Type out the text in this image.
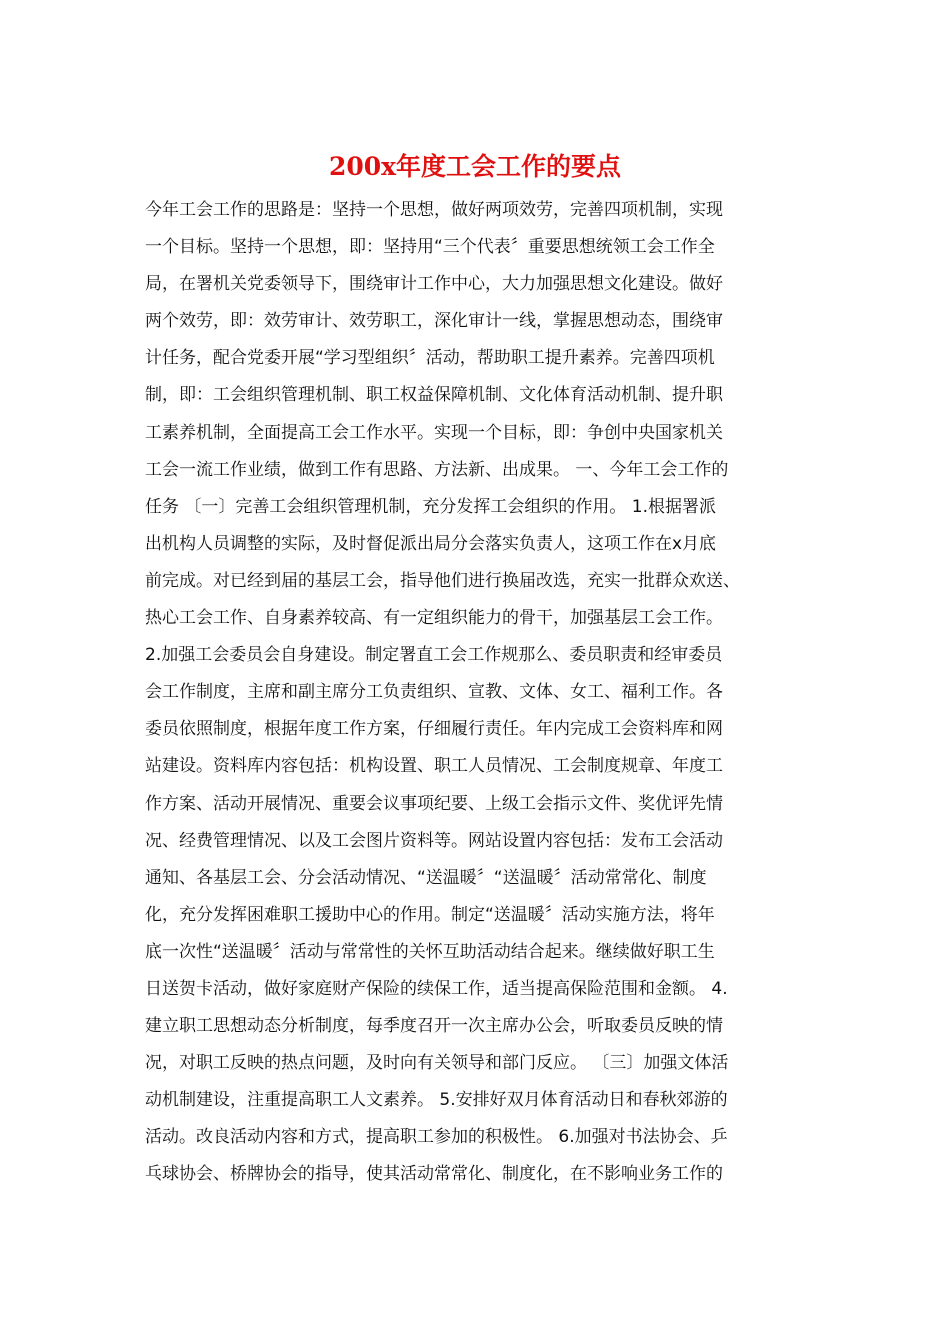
200x年度工会工作的要点
今年工会工作的思路是：坚持一个思想，做好两项效劳，完善四项机制，实现
一个目标。坚持一个思想，即：坚持用“三个代表〞重要思想统领工会工作全
局，在署机关党委领导下，围绕审计工作中心，大力加强思想文化建设。做好
两个效劳，即：效劳审计、效劳职工，深化审计一线，掌握思想动态，围绕审
计任务，配合党委开展“学习型组织〞活动，帮助职工提升素养。完善四项机
制，即：工会组织管理机制、职工权益保障机制、文化体育活动机制、提升职
工素养机制，全面提高工会工作水平。实现一个目标，即：争创中央国家机关
工会一流工作业绩，做到工作有思路、方法新、出成果。 一、今年工会工作的
任务 〔一〕完善工会组织管理机制，充分发挥工会组织的作用。 1.根据署派
出机构人员调整的实际，及时督促派出局分会落实负责人，这项工作在x月底
前完成。对已经到届的基层工会，指导他们进行换届改选，充实一批群众欢送、
热心工会工作、自身素养较高、有一定组织能力的骨干，加强基层工会工作。
2.加强工会委员会自身建设。制定署直工会工作规那么、委员职责和经审委员
会工作制度，主席和副主席分工负责组织、宣教、文体、女工、福利工作。各
委员依照制度，根据年度工作方案，仔细履行责任。年内完成工会资料库和网
站建设。资料库内容包括：机构设置、职工人员情况、工会制度规章、年度工
作方案、活动开展情况、重要会议事项纪要、上级工会指示文件、奖优评先情
况、经费管理情况、以及工会图片资料等。网站设置内容包括：发布工会活动
通知、各基层工会、分会活动情况、“送温暖〞“送温暖〞活动常常化、制度
化，充分发挥困难职工援助中心的作用。制定“送温暖〞活动实施方法，将年
底一次性“送温暖〞活动与常常性的关怀互助活动结合起来。继续做好职工生
日送贺卡活动，做好家庭财产保险的续保工作，适当提高保险范围和金额。 4.
建立职工思想动态分析制度，每季度召开一次主席办公会，听取委员反映的情
况，对职工反映的热点问题，及时向有关领导和部门反应。 〔三〕加强文体活
动机制建设，注重提高职工人文素养。 5.安排好双月体育活动日和春秋郊游的
活动。改良活动内容和方式，提高职工参加的积极性。 6.加强对书法协会、乒
乓球协会、桥牌协会的指导，使其活动常常化、制度化，在不影响业务工作的
